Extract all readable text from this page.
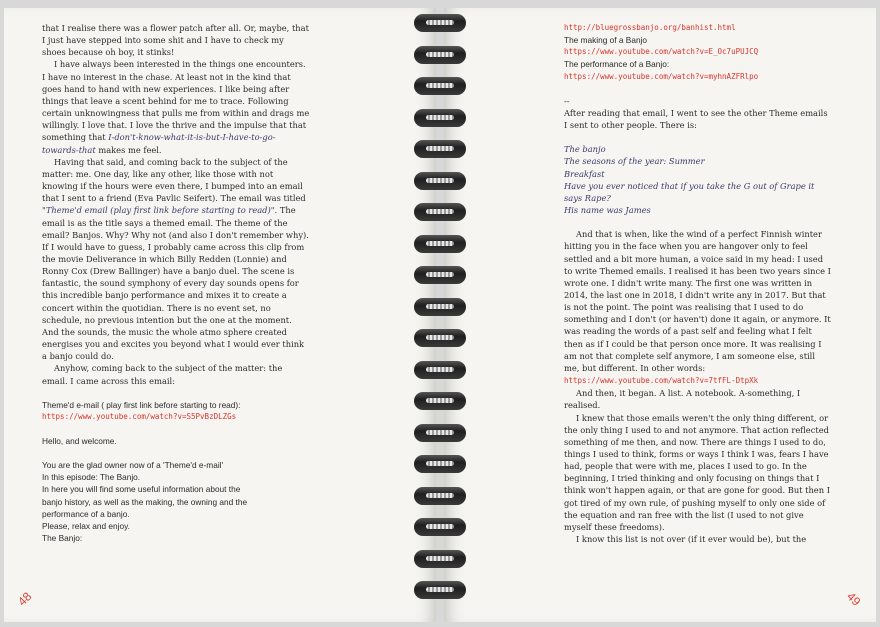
that I realise there was a flower patch after all. Or, maybe, that I just have stepped into some shit and I have to check my shoes because oh boy, it stinks!

I have always been interested in the things one encounters. I have no interest in the chase. At least not in the kind that goes hand to hand with new experiences. I like being after things that leave a scent behind for me to trace. Following certain unknowingness that pulls me from within and drags me willingly. I love that. I love the thrive and the impulse that that something that I-don't-know-what-it-is-but-I-have-to-go-towards-that makes me feel.

Having that said, and coming back to the subject of the matter: me. One day, like any other, like those with not knowing if the hours were even there, I bumped into an email that I sent to a friend (Eva Pavlic Seifert). The email was titled "Theme'd email (play first link before starting to read)". The email is as the title says a themed email. The theme of the email? Banjos. Why? Why not (and also I don't remember why). If I would have to guess, I probably came across this clip from the movie Deliverance in which Billy Redden (Lonnie) and Ronny Cox (Drew Ballinger) have a banjo duel. The scene is fantastic, the sound symphony of every day sounds opens for this incredible banjo performance and mixes it to create a concert within the quotidian. There is no event set, no schedule, no previous intention but the one at the moment. And the sounds, the music the whole atmo sphere created energises you and excites you beyond what I would ever think a banjo could do.

Anyhow, coming back to the subject of the matter: the email. I came across this email:

Theme'd e-mail ( play first link before starting to read):

https://www.youtube.com/watch?v=S5PvBzDLZGs

Hello, and welcome.

You are the glad owner now of a 'Theme'd e-mail'

In this episode: The Banjo.

In here you will find some useful information about the

banjo history, as well as the making, the owning and the

performance of a banjo.

Please, relax and enjoy.

The Banjo:

48

http://bluegrossbanjo.org/banhist.html

The making of a Banjo

https://www.youtube.com/watch?v=E_Oc7uPUJCQ

The performance of a Banjo:

https://www.youtube.com/watch?v=myhnAZFRlpo

--

After reading that email, I went to see the other Theme emails I sent to other people. There is:

The banjo

The seasons of the year: Summer

Breakfast

Have you ever noticed that if you take the G out of Grape it says Rape?

His name was James

And that is when, like the wind of a perfect Finnish winter hitting you in the face when you are hangover only to feel settled and a bit more human, a voice said in my head: I used to write Themed emails. I realised it has been two years since I wrote one. I didn't write many. The first one was written in 2014, the last one in 2018, I didn't write any in 2017. But that is not the point. The point was realising that I used to do something and I don't (or haven't) done it again, or anymore. It was reading the words of a past self and feeling what I felt then as if I could be that person once more. It was realising I am not that complete self anymore, I am someone else, still me, but different. In other words: https://www.youtube.com/watch?v=7tfFL-DtpXk

And then, it began. A list. A notebook. A-something, I realised.

I knew that those emails weren't the only thing different, or the only thing I used to and not anymore. That action reflected something of me then, and now. There are things I used to do, things I used to think, forms or ways I think I was, fears I have had, people that were with me, places I used to go. In the beginning, I tried thinking and only focusing on things that I think won't happen again, or that are gone for good. But then I got tired of my own rule, of pushing myself to only one side of the equation and ran free with the list (I used to not give myself these freedoms).

I know this list is not over (if it ever would be), but the

49
